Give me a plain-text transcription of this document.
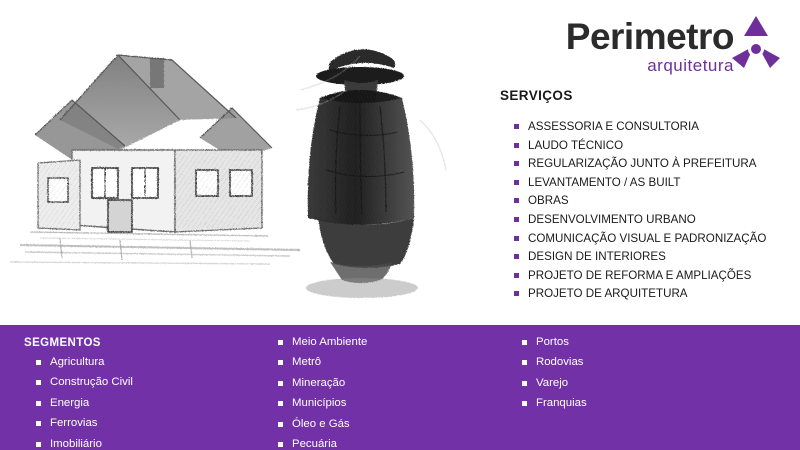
Perimetro
arquitetura
SERVIÇOS
ASSESSORIA E CONSULTORIA
LAUDO TÉCNICO
REGULARIZAÇÃO JUNTO À PREFEITURA
LEVANTAMENTO / AS BUILT
OBRAS
DESENVOLVIMENTO URBANO
COMUNICAÇÃO VISUAL E PADRONIZAÇÃO
DESIGN DE INTERIORES
PROJETO DE REFORMA E AMPLIAÇÕES
PROJETO DE ARQUITETURA
SEGMENTOS
Agricultura
Construção Civil
Energia
Ferrovias
Imobiliário
Meio Ambiente
Metrô
Mineração
Municípios
Óleo e Gás
Pecuária
Portos
Rodovias
Varejo
Franquias
